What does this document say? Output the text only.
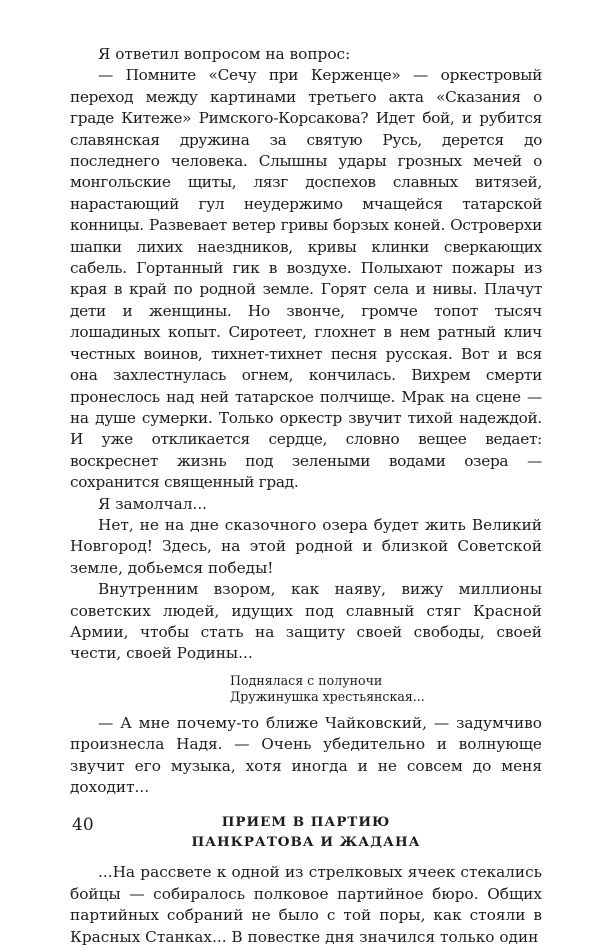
Я ответил вопросом на вопрос:

— Помните «Сечу при Керженце» — оркестровый переход между картинами третьего акта «Сказания о граде Китеже» Римского-Корсакова? Идет бой, и рубится славянская дружина за святую Русь, дерется до последнего человека. Слышны удары грозных мечей о монгольские щиты, лязг доспехов славных витязей, нарастающий гул неудержимо мчащейся татарской конницы. Развевает ветер гривы борзых коней. Островерхи шапки лихих наездников, кривы клинки сверкающих сабель. Гортанный гик в воздухе. Полыхают пожары из края в край по родной земле. Горят села и нивы. Плачут дети и женщины. Но звонче, громче топот тысяч лошадиных копыт. Сиротеет, глохнет в нем ратный клич честных воинов, тихнет-тихнет песня русская. Вот и вся она захлестнулась огнем, кончилась. Вихрем смерти пронеслось над ней татарское полчище. Мрак на сцене — на душе сумерки. Только оркестр звучит тихой надеждой. И уже откликается сердце, словно вещее ведает: воскреснет жизнь под зелеными водами озера — сохранится священный град.

Я замолчал...

Нет, не на дне сказочного озера будет жить Великий Новгород! Здесь, на этой родной и близкой Советской земле, добьемся победы!

Внутренним взором, как наяву, вижу миллионы советских людей, идущих под славный стяг Красной Армии, чтобы стать на защиту своей свободы, своей чести, своей Родины...

Поднялася с полуночи
Дружинушка хрестьянская...

— А мне почему-то ближе Чайковский, — задумчиво произнесла Надя. — Очень убедительно и волнующе звучит его музыка, хотя иногда и не совсем до меня доходит...

ПРИЕМ В ПАРТИЮ
ПАНКРАТОВА И ЖАДАНА

...На рассвете к одной из стрелковых ячеек стекались бойцы — собиралось полковое партийное бюро. Общих партийных собраний не было с той поры, как стояли в Красных Станках... В повестке дня значился только один

40
